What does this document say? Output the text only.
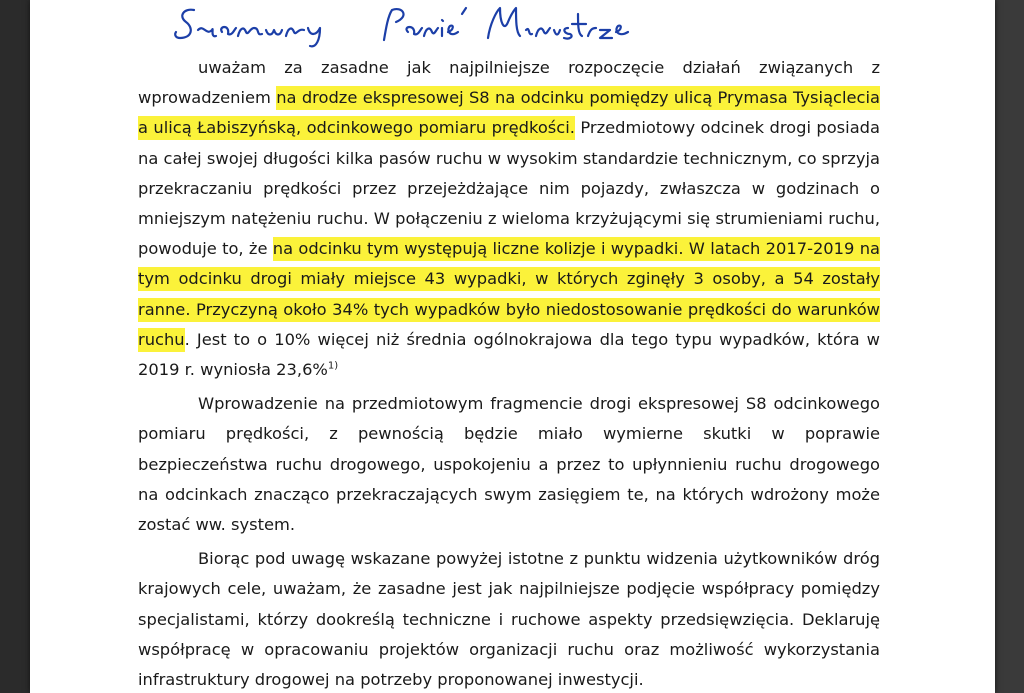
uważam za zasadne jak najpilniejsze rozpoczęcie działań związanych z wprowadzeniem na drodze ekspresowej S8 na odcinku pomiędzy ulicą Prymasa Tysiąclecia a ulicą Łabiszyńską, odcinkowego pomiaru prędkości. Przedmiotowy odcinek drogi posiada na całej swojej długości kilka pasów ruchu w wysokim standardzie technicznym, co sprzyja przekraczaniu prędkości przez przejeżdżające nim pojazdy, zwłaszcza w godzinach o mniejszym natężeniu ruchu. W połączeniu z wieloma krzyżującymi się strumieniami ruchu, powoduje to, że na odcinku tym występują liczne kolizje i wypadki. W latach 2017-2019 na tym odcinku drogi miały miejsce 43 wypadki, w których zginęły 3 osoby, a 54 zostały ranne. Przyczyną około 34% tych wypadków było niedostosowanie prędkości do warunków ruchu. Jest to o 10% więcej niż średnia ogólnokrajowa dla tego typu wypadków, która w 2019 r. wyniosła 23,6%$^{1)}$

Wprowadzenie na przedmiotowym fragmencie drogi ekspresowej S8 odcinkowego pomiaru prędkości, z pewnością będzie miało wymierne skutki w poprawie bezpieczeństwa ruchu drogowego, uspokojeniu a przez to upłynnieniu ruchu drogowego na odcinkach znacząco przekraczających swym zasięgiem te, na których wdrożony może zostać ww. system.

Biorąc pod uwagę wskazane powyżej istotne z punktu widzenia użytkowników dróg krajowych cele, uważam, że zasadne jest jak najpilniejsze podjęcie współpracy pomiędzy specjalistami, którzy dookreślą techniczne i ruchowe aspekty przedsięwzięcia. Deklaruję współpracę w opracowaniu projektów organizacji ruchu oraz możliwość wykorzystania infrastruktury drogowej na potrzeby proponowanej inwestycji.
